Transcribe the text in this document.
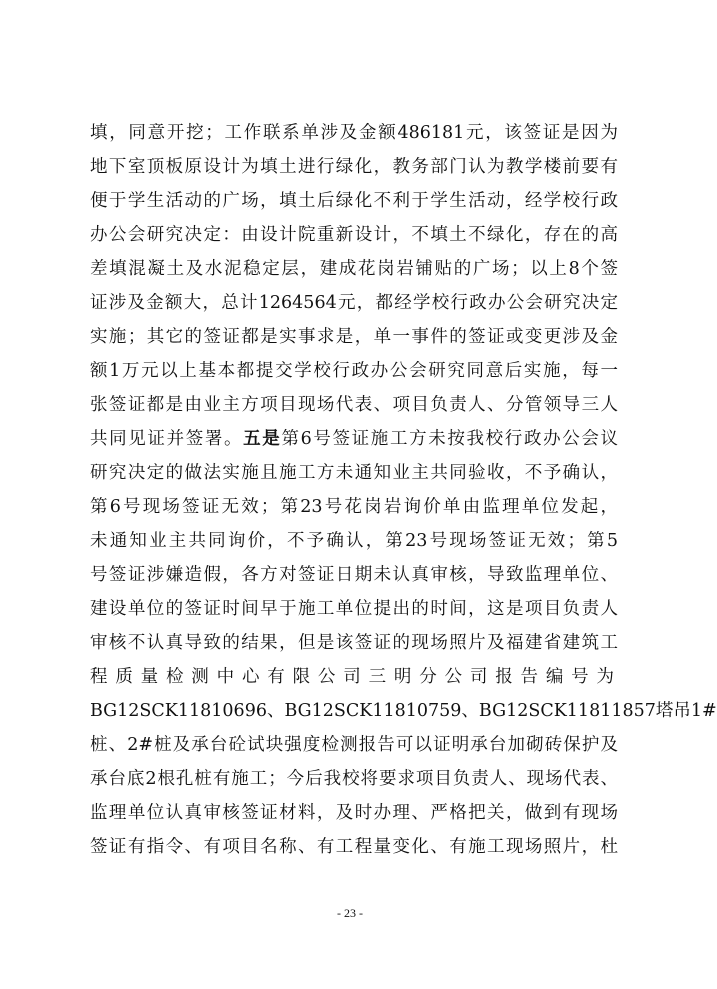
填，同意开挖；工作联系单涉及金额486181元，该签证是因为
地下室顶板原设计为填土进行绿化，教务部门认为教学楼前要有
便于学生活动的广场，填土后绿化不利于学生活动，经学校行政
办公会研究决定：由设计院重新设计，不填土不绿化，存在的高
差填混凝土及水泥稳定层，建成花岗岩铺贴的广场；以上8个签
证涉及金额大，总计1264564元，都经学校行政办公会研究决定
实施；其它的签证都是实事求是，单一事件的签证或变更涉及金
额1万元以上基本都提交学校行政办公会研究同意后实施，每一
张签证都是由业主方项目现场代表、项目负责人、分管领导三人
共同见证并签署。五是第6号签证施工方未按我校行政办公会议
研究决定的做法实施且施工方未通知业主共同验收，不予确认，
第6号现场签证无效；第23号花岗岩询价单由监理单位发起，
未通知业主共同询价，不予确认，第23号现场签证无效；第5
号签证涉嫌造假，各方对签证日期未认真审核，导致监理单位、
建设单位的签证时间早于施工单位提出的时间，这是项目负责人
审核不认真导致的结果，但是该签证的现场照片及福建省建筑工
程质量检测中心有限公司三明分公司报告编号为
BG12SCK11810696、BG12SCK11810759、BG12SCK11811857塔吊1#
桩、2#桩及承台砼试块强度检测报告可以证明承台加砌砖保护及
承台底2根孔桩有施工；今后我校将要求项目负责人、现场代表、
监理单位认真审核签证材料，及时办理、严格把关，做到有现场
签证有指令、有项目名称、有工程量变化、有施工现场照片，杜
- 23 -
